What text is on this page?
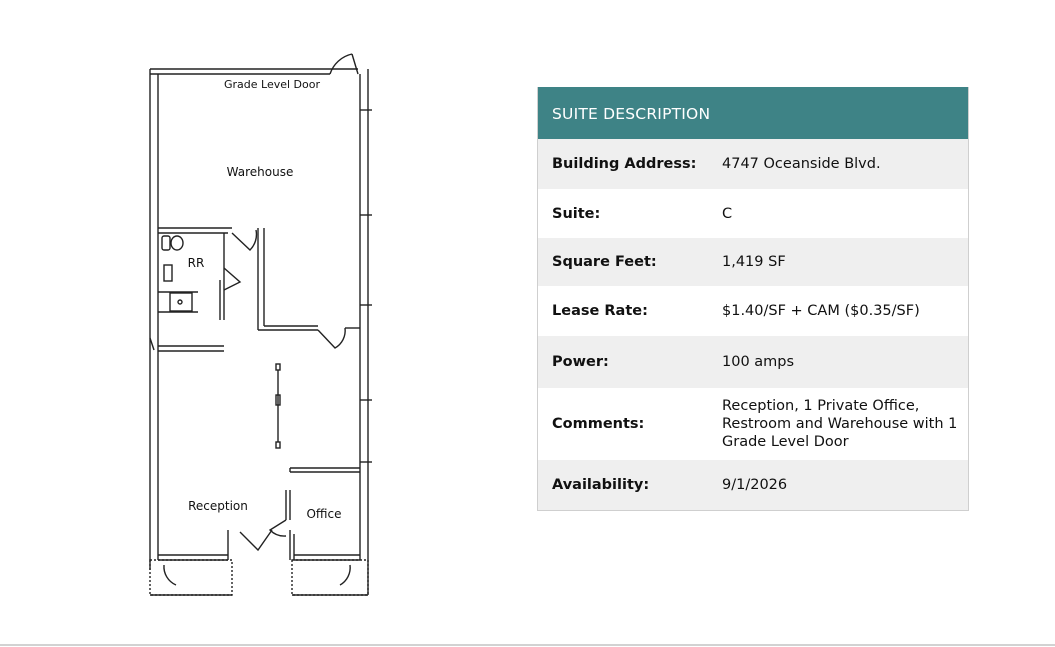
Grade Level Door
Warehouse
RR
Reception
Office
SUITE DESCRIPTION
Building Address:	4747 Oceanside Blvd.
Suite:	C
Square Feet:	1,419 SF
Lease Rate:	$1.40/SF + CAM ($0.35/SF)
Power:	100 amps
Comments:
Reception, 1 Private Office, Restroom and Warehouse with 1 Grade Level Door
Availability:	9/1/2026
